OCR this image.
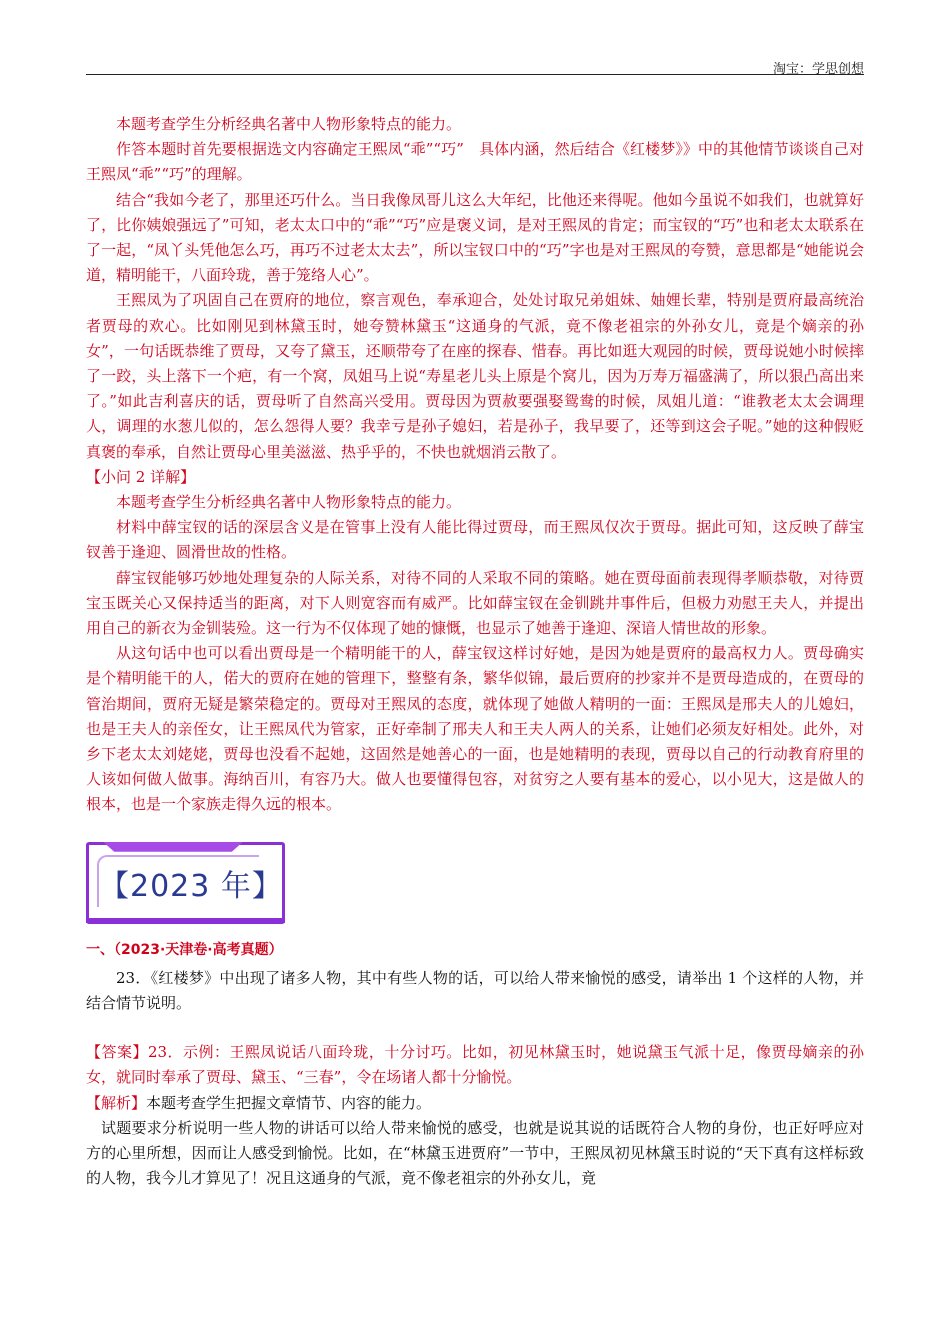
淘宝：学思创想

本题考查学生分析经典名著中人物形象特点的能力。

作答本题时首先要根据选文内容确定王熙凤“乖”“巧”　具体内涵，然后结合《红楼梦》》中的其他情节谈谈自己对王熙凤“乖”“巧”的理解。

结合“我如今老了，那里还巧什么。当日我像凤哥儿这么大年纪，比他还来得呢。他如今虽说不如我们，也就算好了，比你姨娘强远了”可知，老太太口中的“乖”“巧”应是褒义词，是对王熙凤的肯定；而宝钗的“巧”也和老太太联系在了一起，“凤丫头凭他怎么巧，再巧不过老太太去”，所以宝钗口中的“巧”字也是对王熙凤的夸赞，意思都是“她能说会道，精明能干，八面玲珑，善于笼络人心”。

王熙凤为了巩固自己在贾府的地位，察言观色，奉承迎合，处处讨取兄弟姐妹、妯娌长辈，特别是贾府最高统治者贾母的欢心。比如刚见到林黛玉时，她夸赞林黛玉“这通身的气派，竟不像老祖宗的外孙女儿，竟是个嫡亲的孙女”，一句话既恭维了贾母，又夸了黛玉，还顺带夸了在座的探春、惜春。再比如逛大观园的时候，贾母说她小时候摔了一跤，头上落下一个疤，有一个窝，凤姐马上说“寿星老儿头上原是个窝儿，因为万寿万福盛满了，所以狠凸高出来了。”如此吉利喜庆的话，贾母听了自然高兴受用。贾母因为贾赦要强娶鸳鸯的时候，凤姐儿道：“谁教老太太会调理人，调理的水葱儿似的，怎么怨得人要？我幸亏是孙子媳妇，若是孙子，我早要了，还等到这会子呢。”她的这种假贬真褒的奉承，自然让贾母心里美滋滋、热乎乎的，不快也就烟消云散了。

【小问 2 详解】

本题考查学生分析经典名著中人物形象特点的能力。

材料中薛宝钗的话的深层含义是在管事上没有人能比得过贾母，而王熙凤仅次于贾母。据此可知，这反映了薛宝钗善于逢迎、圆滑世故的性格。

薛宝钗能够巧妙地处理复杂的人际关系，对待不同的人采取不同的策略。她在贾母面前表现得孝顺恭敬，对待贾宝玉既关心又保持适当的距离，对下人则宽容而有威严。比如薛宝钗在金钏跳井事件后，但极力劝慰王夫人，并提出用自己的新衣为金钏装殓。这一行为不仅体现了她的慷慨，也显示了她善于逢迎、深谙人情世故的形象。

从这句话中也可以看出贾母是一个精明能干的人，薛宝钗这样讨好她，是因为她是贾府的最高权力人。贾母确实是个精明能干的人，偌大的贾府在她的管理下，整整有条，繁华似锦，最后贾府的抄家并不是贾母造成的，在贾母的管治期间，贾府无疑是繁荣稳定的。贾母对王熙凤的态度，就体现了她做人精明的一面：王熙凤是邢夫人的儿媳妇，也是王夫人的亲侄女，让王熙凤代为管家，正好牵制了邢夫人和王夫人两人的关系，让她们必须友好相处。此外，对乡下老太太刘姥姥，贾母也没看不起她，这固然是她善心的一面，也是她精明的表现，贾母以自己的行动教育府里的人该如何做人做事。海纳百川，有容乃大。做人也要懂得包容，对贫穷之人要有基本的爱心，以小见大，这是做人的根本，也是一个家族走得久远的根本。

【2023 年】
一、（2023·天津卷·高考真题）

23．《红楼梦》中出现了诸多人物，其中有些人物的话，可以给人带来愉悦的感受，请举出 1 个这样的人物，并结合情节说明。

【答案】23．示例：王熙凤说话八面玲珑，十分讨巧。比如，初见林黛玉时，她说黛玉气派十足，像贾母嫡亲的孙女，就同时奉承了贾母、黛玉、“三春”，令在场诸人都十分愉悦。

【解析】本题考查学生把握文章情节、内容的能力。

试题要求分析说明一些人物的讲话可以给人带来愉悦的感受，也就是说其说的话既符合人物的身份，也正好呼应对方的心里所想，因而让人感受到愉悦。比如，在“林黛玉进贾府”一节中，王熙凤初见林黛玉时说的“天下真有这样标致的人物，我今儿才算见了！况且这通身的气派，竟不像老祖宗的外孙女儿，竟
